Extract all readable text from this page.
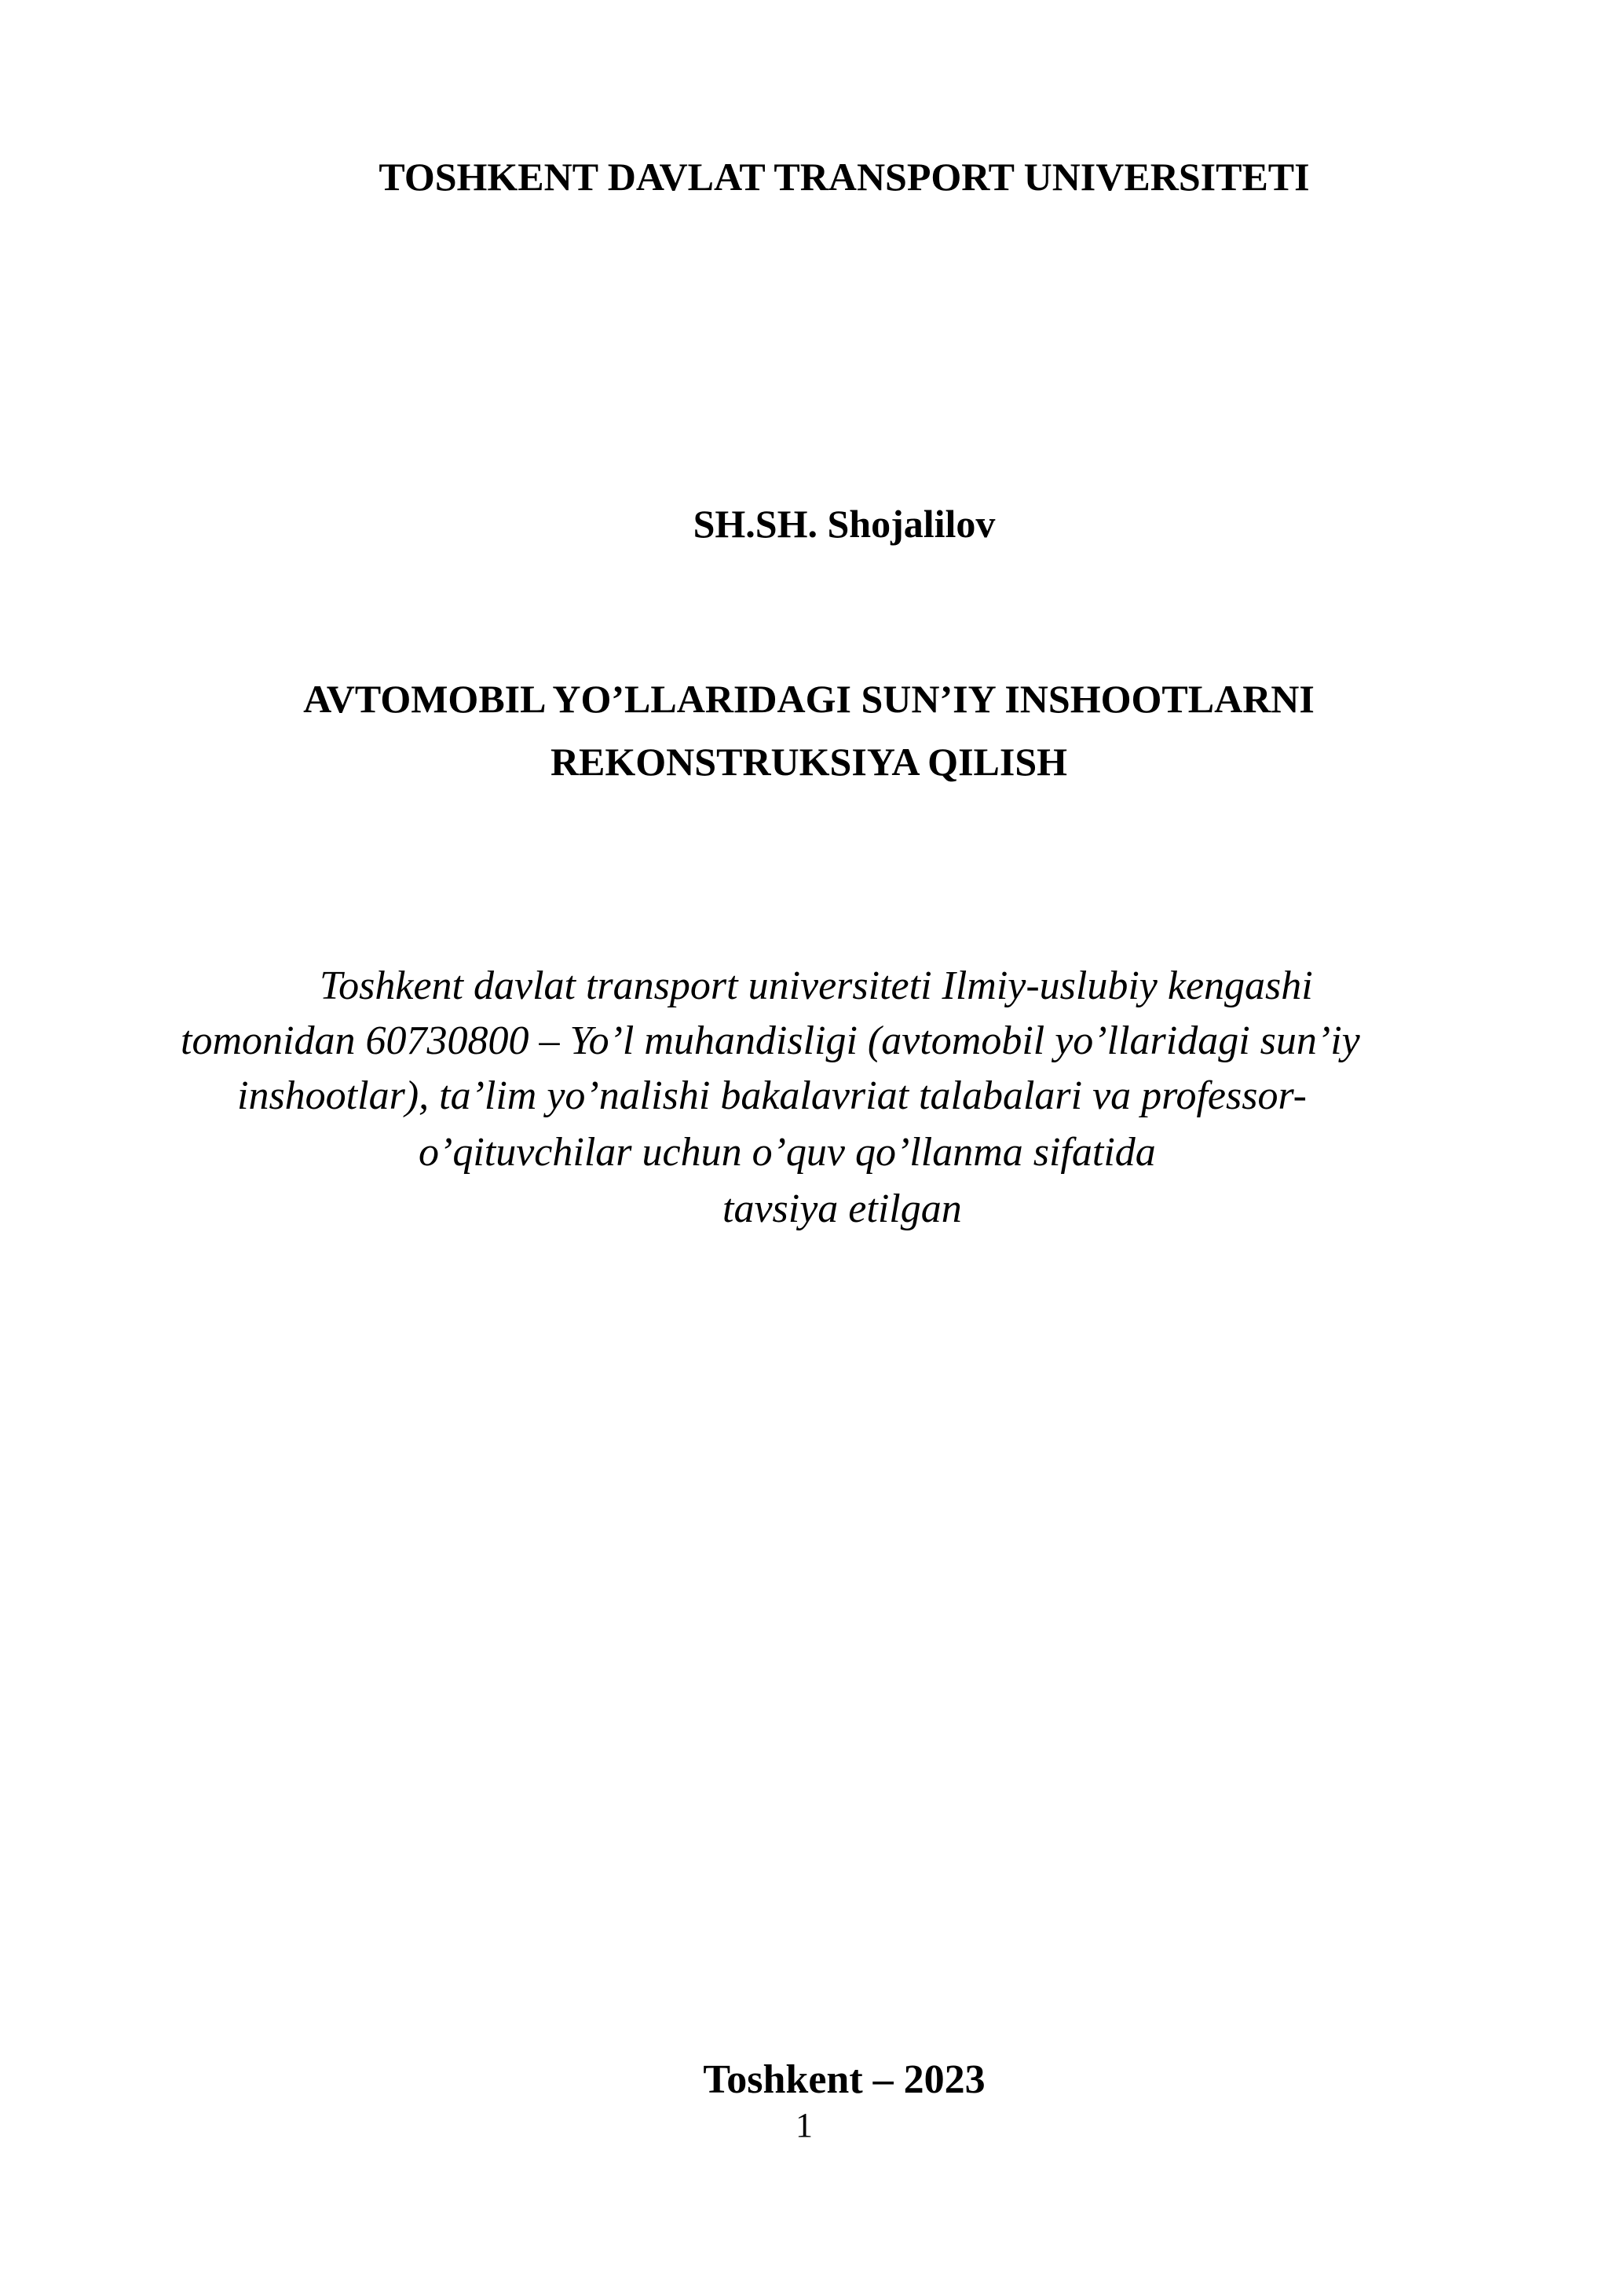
TOSHKENT DAVLAT TRANSPORT UNIVERSITETI
SH.SH. Shojalilov
AVTOMOBIL YO’LLARIDAGI SUN’IY INSHOOTLARNI
REKONSTRUKSIYA QILISH
Toshkent davlat transport universiteti Ilmiy-uslubiy kengashi
tomonidan 60730800 – Yo’l muhandisligi (avtomobil yo’llaridagi sun’iy
inshootlar), ta’lim yo’nalishi bakalavriat talabalari va professor-
o’qituvchilar uchun o’quv qo’llanma sifatida
tavsiya etilgan
Toshkent – 2023
1
